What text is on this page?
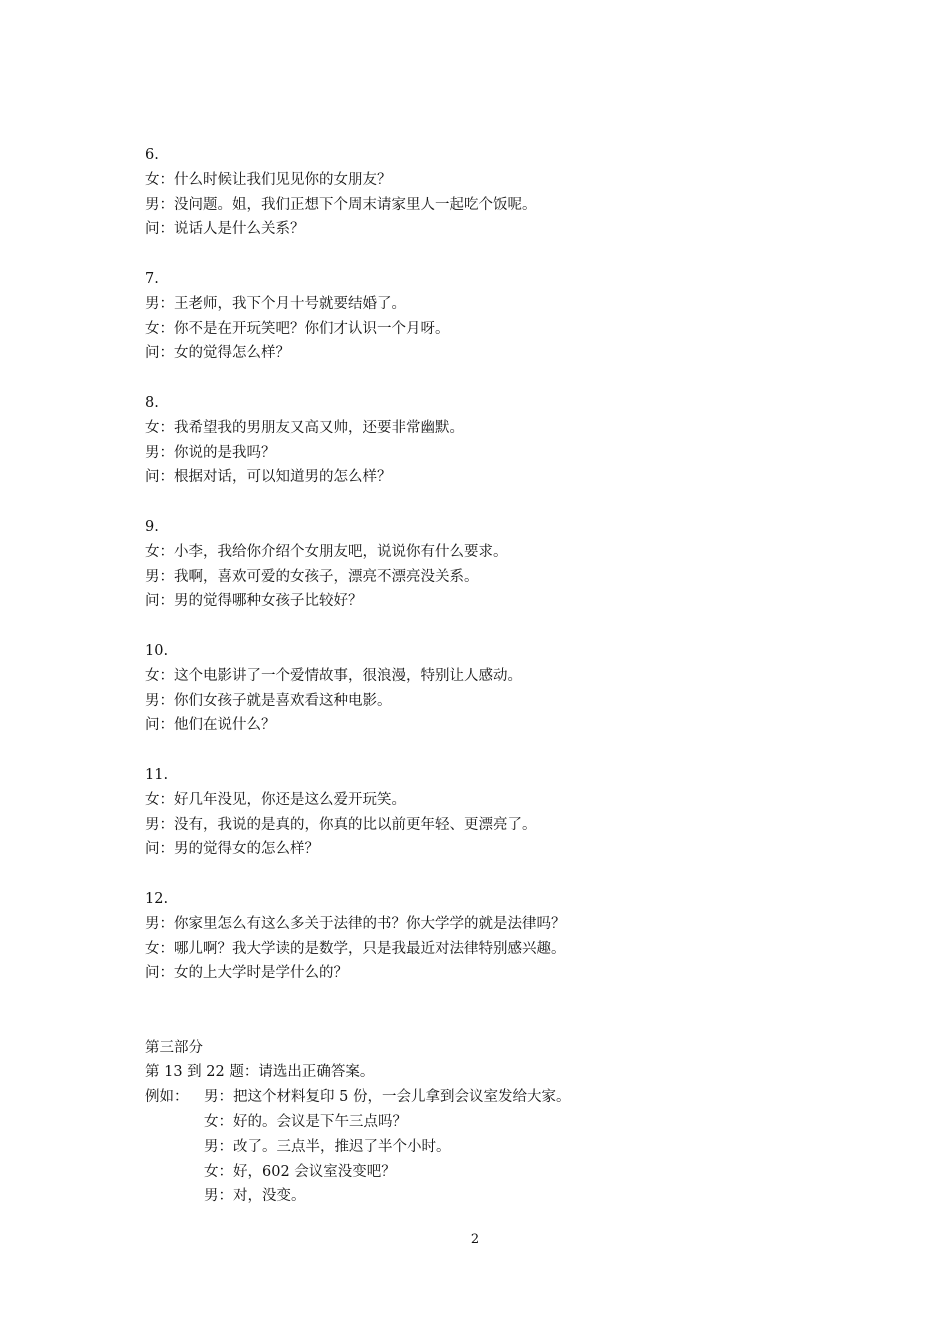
6.
女：什么时候让我们见见你的女朋友？
男：没问题。姐，我们正想下个周末请家里人一起吃个饭呢。
问：说话人是什么关系？
7.
男：王老师，我下个月十号就要结婚了。
女：你不是在开玩笑吧？你们才认识一个月呀。
问：女的觉得怎么样？
8.
女：我希望我的男朋友又高又帅，还要非常幽默。
男：你说的是我吗？
问：根据对话，可以知道男的怎么样？
9.
女：小李，我给你介绍个女朋友吧，说说你有什么要求。
男：我啊，喜欢可爱的女孩子，漂亮不漂亮没关系。
问：男的觉得哪种女孩子比较好？
10.
女：这个电影讲了一个爱情故事，很浪漫，特别让人感动。
男：你们女孩子就是喜欢看这种电影。
问：他们在说什么？
11.
女：好几年没见，你还是这么爱开玩笑。
男：没有，我说的是真的，你真的比以前更年轻、更漂亮了。
问：男的觉得女的怎么样？
12.
男：你家里怎么有这么多关于法律的书？你大学学的就是法律吗？
女：哪儿啊？我大学读的是数学，只是我最近对法律特别感兴趣。
问：女的上大学时是学什么的？
第三部分
第 13 到 22 题：请选出正确答案。
例如： 男：把这个材料复印 5 份，一会儿拿到会议室发给大家。
女：好的。会议是下午三点吗？
男：改了。三点半，推迟了半个小时。
女：好，602 会议室没变吧？
男：对，没变。
2
